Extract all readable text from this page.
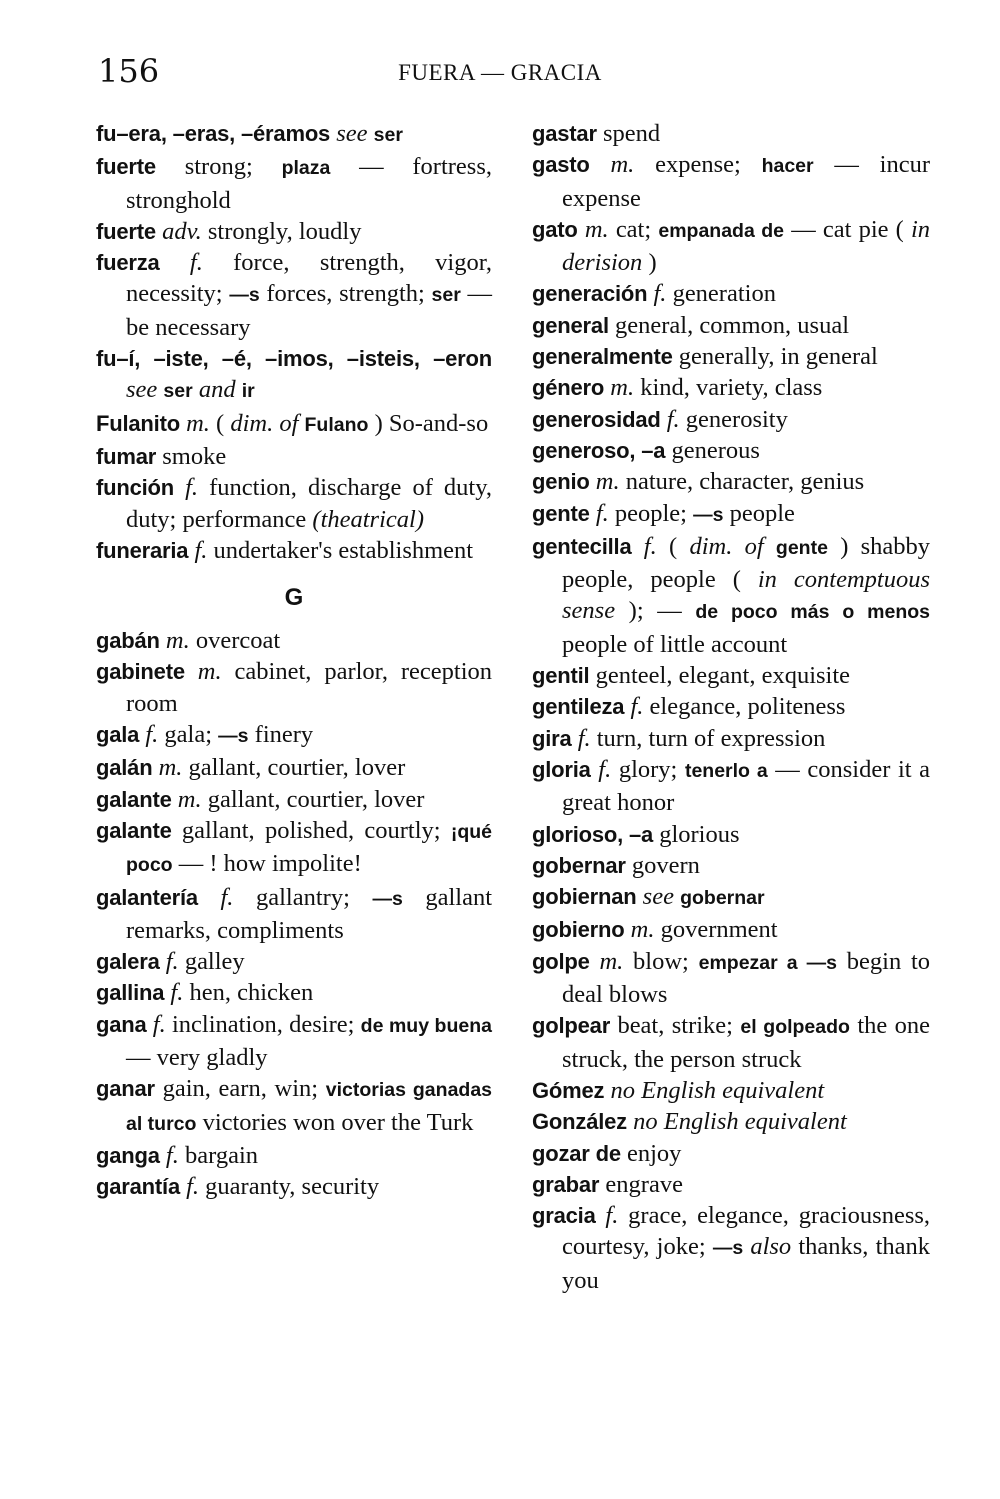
156	FUERA — GRACIA
fu–era, –eras, –éramos see ser
fuerte strong; plaza — fortress, stronghold
fuerte adv. strongly, loudly
fuerza f. force, strength, vigor, necessity; —s forces, strength; ser — be necessary
fu–í, –iste, –é, –imos, –isteis, –eron see ser and ir
Fulanito m. ( dim. of Fulano ) So-and-so
fumar smoke
función f. function, discharge of duty, duty; performance (theatrical)
funeraria f. undertaker's establishment
G
gabán m. overcoat
gabinete m. cabinet, parlor, reception room
gala f. gala; —s finery
galán m. gallant, courtier, lover
galante m. gallant, courtier, lover
galante gallant, polished, courtly; ¡qué poco — ! how impolite!
galantería f. gallantry; —s gallant remarks, compliments
galera f. galley
gallina f. hen, chicken
gana f. inclination, desire; de muy buena — very gladly
ganar gain, earn, win; victorias ganadas al turco victories won over the Turk
ganga f. bargain
garantía f. guaranty, security
gastar spend
gasto m. expense; hacer — incur expense
gato m. cat; empanada de — cat pie ( in derision )
generación f. generation
general general, common, usual
generalmente generally, in general
género m. kind, variety, class
generosidad f. generosity
generoso, –a generous
genio m. nature, character, genius
gente f. people; —s people
gentecilla f. ( dim. of gente ) shabby people, people ( in contemptuous sense ); — de poco más o menos people of little account
gentil genteel, elegant, exquisite
gentileza f. elegance, politeness
gira f. turn, turn of expression
gloria f. glory; tenerlo a — consider it a great honor
glorioso, –a glorious
gobernar govern
gobiernan see gobernar
gobierno m. government
golpe m. blow; empezar a —s begin to deal blows
golpear beat, strike; el golpeado the one struck, the person struck
Gómez no English equivalent
González no English equivalent
gozar de enjoy
grabar engrave
gracia f. grace, elegance, graciousness, courtesy, joke; —s also thanks, thank you
